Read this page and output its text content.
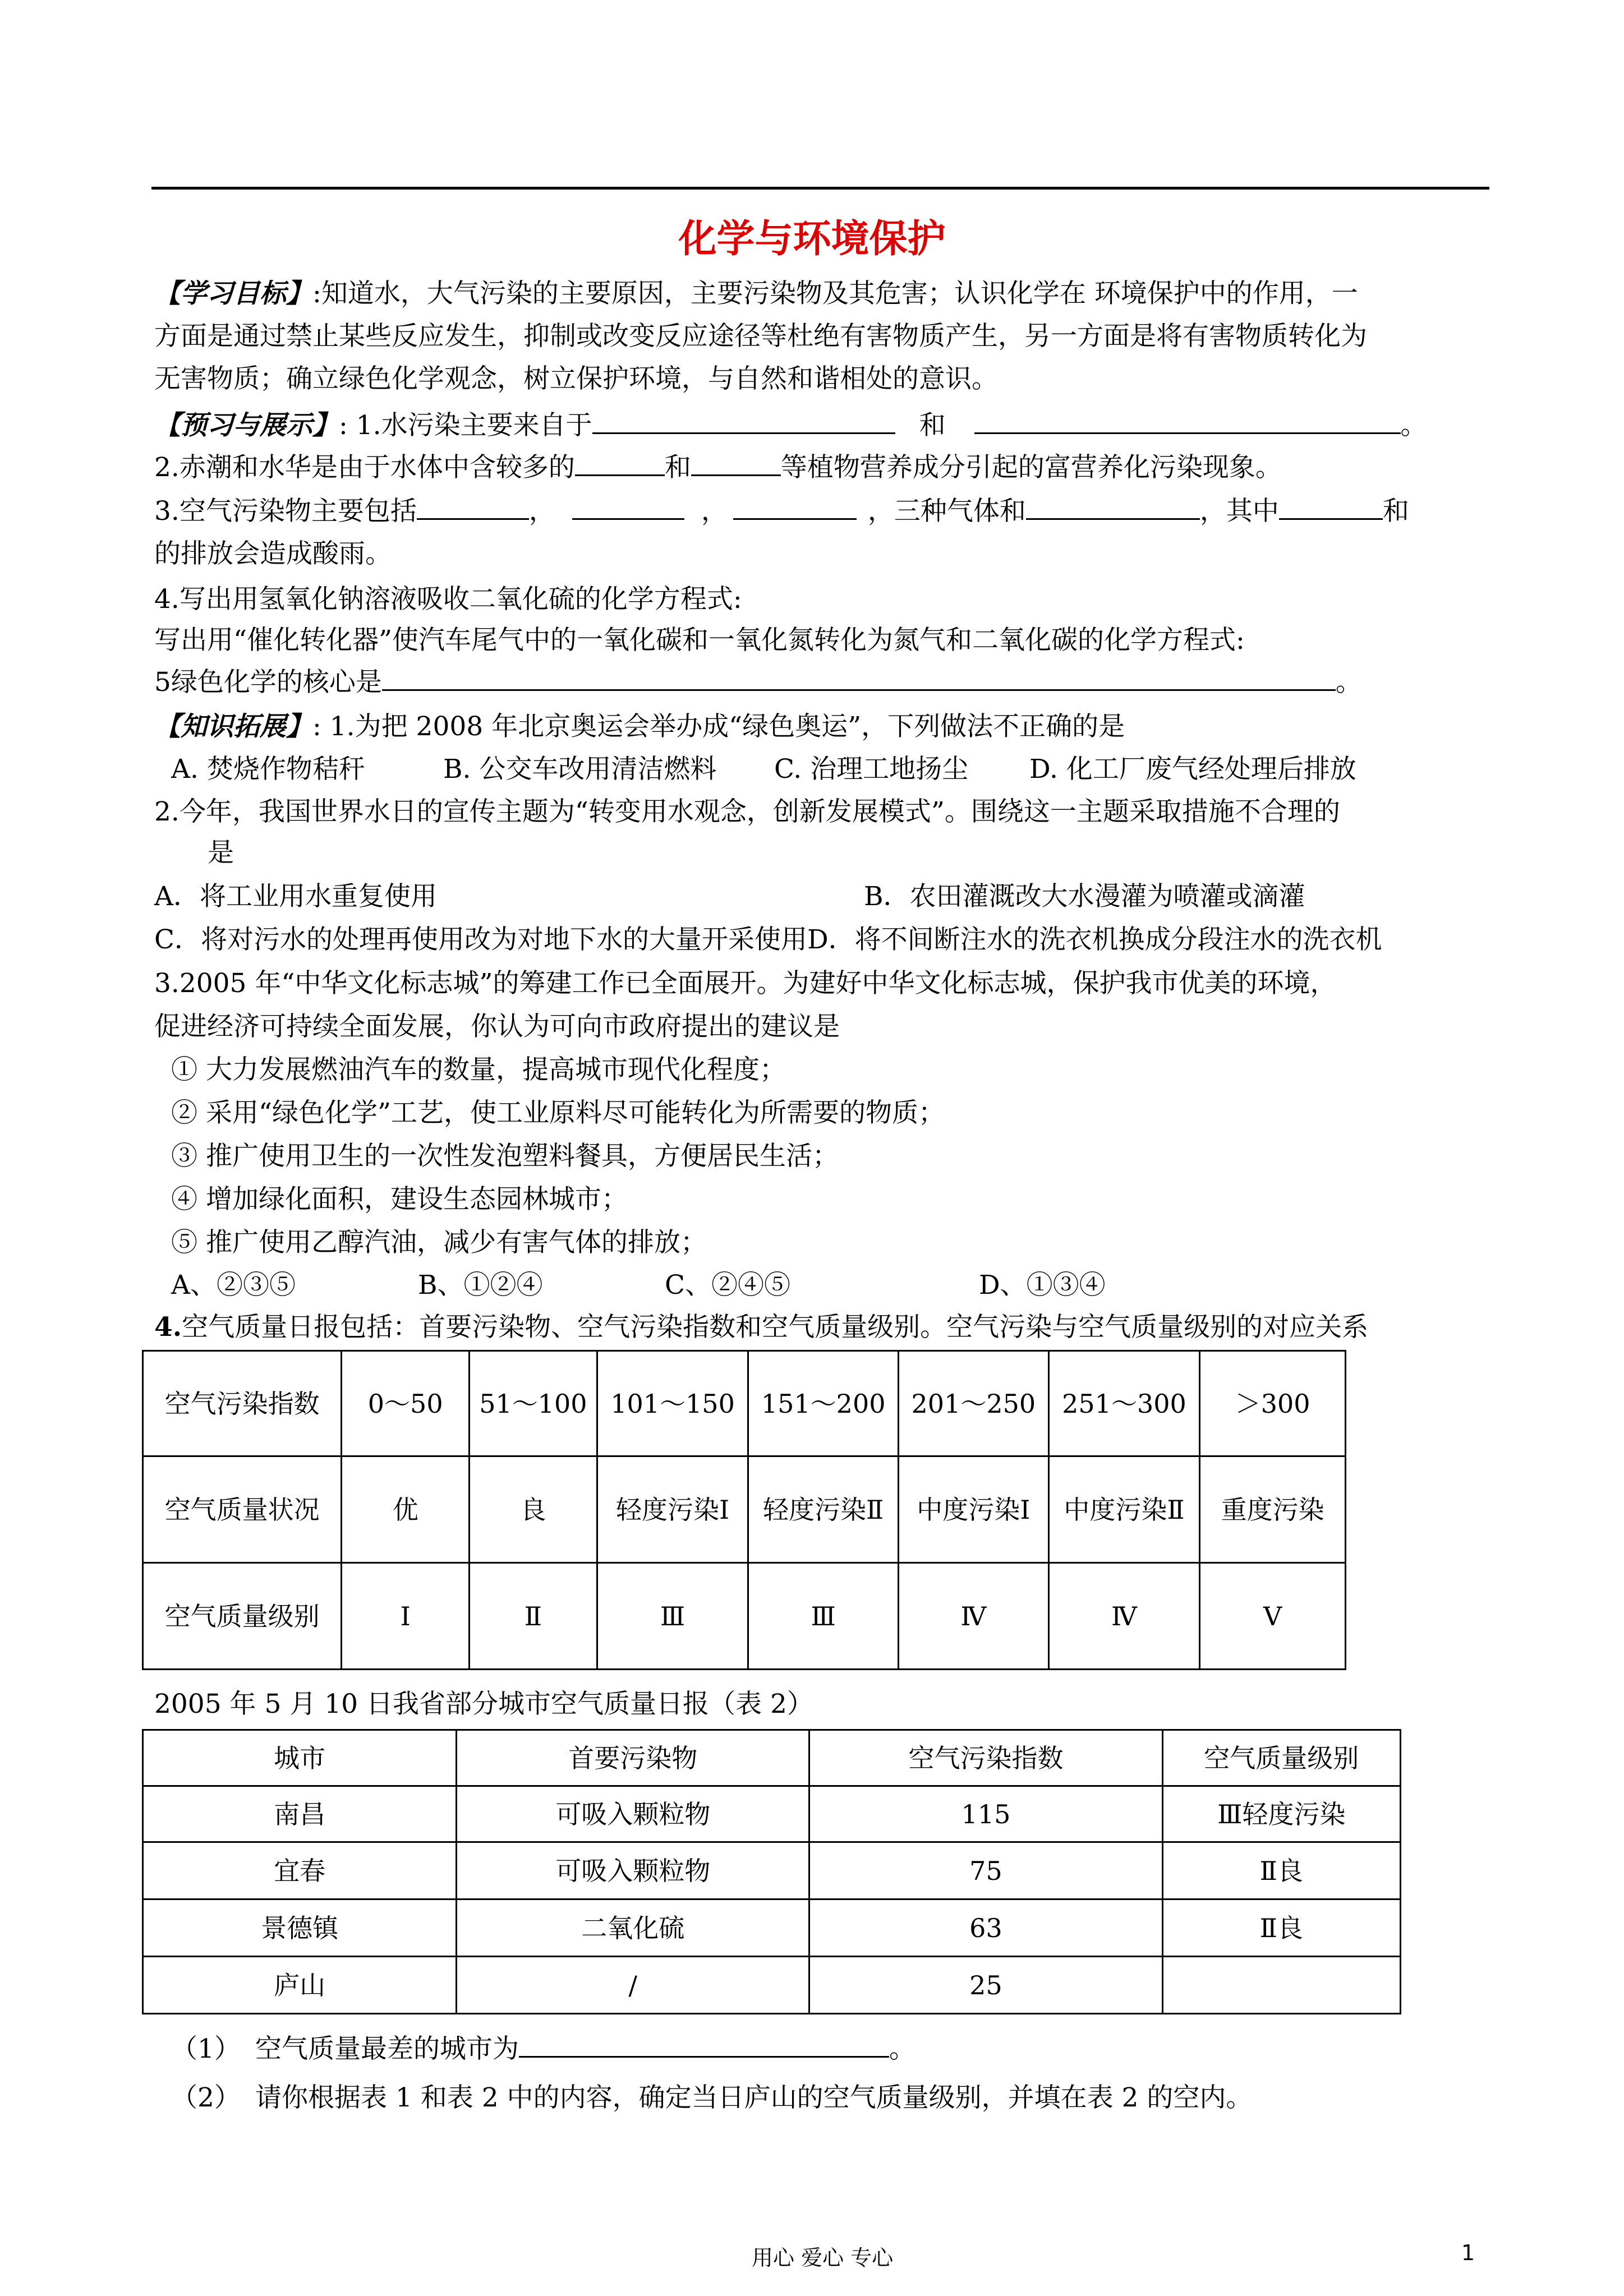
化学与环境保护
【学习目标】:知道水，大气污染的主要原因，主要污染物及其危害；认识化学在 环境保护中的作用，一
方面是通过禁止某些反应发生，抑制或改变反应途径等杜绝有害物质产生，另一方面是将有害物质转化为
无害物质；确立绿色化学观念，树立保护环境，与自然和谐相处的意识。
【预习与展示】: 1.水污染主要来自于	和	。
2.赤潮和水华是由于水体中含较多的	和	等植物营养成分引起的富营养化污染现象。
3.空气污染物主要包括	，	，	，三种气体和	，其中	和
的排放会造成酸雨。
4.写出用氢氧化钠溶液吸收二氧化硫的化学方程式:
写出用“催化转化器”使汽车尾气中的一氧化碳和一氧化氮转化为氮气和二氧化碳的化学方程式:
5绿色化学的核心是	。
【知识拓展】: 1.为把 2008 年北京奥运会举办成“绿色奥运”，下列做法不正确的是
A. 焚烧作物秸秆	B. 公交车改用清洁燃料 C. 治理工地扬尘 D. 化工厂废气经处理后排放
2.今年，我国世界水日的宣传主题为“转变用水观念，创新发展模式”。围绕这一主题采取措施不合理的
是
A．将工业用水重复使用	B．农田灌溉改大水漫灌为喷灌或滴灌
C．将对污水的处理再使用改为对地下水的大量开采使用D．将不间断注水的洗衣机换成分段注水的洗衣机
3.2005 年“中华文化标志城”的筹建工作已全面展开。为建好中华文化标志城，保护我市优美的环境，
促进经济可持续全面发展，你认为可向市政府提出的建议是
① 大力发展燃油汽车的数量，提高城市现代化程度；
② 采用“绿色化学”工艺，使工业原料尽可能转化为所需要的物质；
③ 推广使用卫生的一次性发泡塑料餐具，方便居民生活；
④ 增加绿化面积，建设生态园林城市；
⑤ 推广使用乙醇汽油，减少有害气体的排放；
A、②③⑤	B、①②④	C、②④⑤	D、①③④
4.空气质量日报包括：首要污染物、空气污染指数和空气质量级别。空气污染与空气质量级别的对应关系
空气污染指数	0～50	51～100	101～150	151～200	201～250	251～300	＞300
空气质量状况	优	良	轻度污染Ⅰ	轻度污染Ⅱ	中度污染Ⅰ	中度污染Ⅱ	重度污染
空气质量级别	Ⅰ	Ⅱ	Ⅲ	Ⅲ	Ⅳ	Ⅳ	Ⅴ
2005 年 5 月 10 日我省部分城市空气质量日报（表 2）
城市	首要污染物	空气污染指数	空气质量级别
南昌	可吸入颗粒物	115	Ⅲ轻度污染
宜春	可吸入颗粒物	75	Ⅱ良
景德镇	二氧化硫	63	Ⅱ良
庐山	/	25	
（1） 空气质量最差的城市为	。
（2） 请你根据表 1 和表 2 中的内容，确定当日庐山的空气质量级别，并填在表 2 的空内。
用心 爱心 专心	1
